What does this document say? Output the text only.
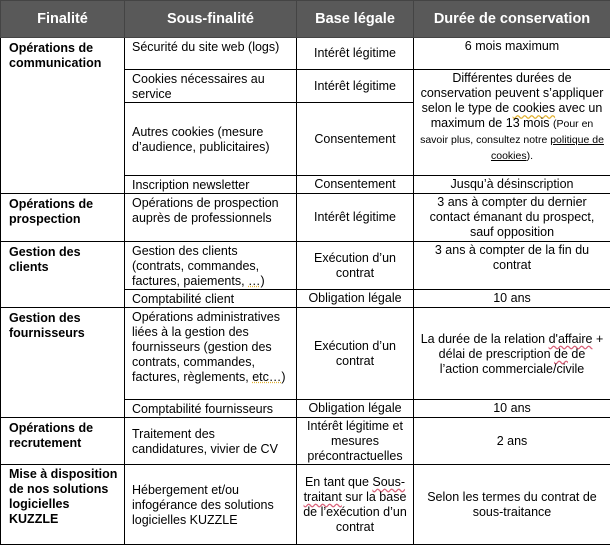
Finalité	Sous-finalité	Base légale	Durée de conservation
Opérations de communication	Sécurité du site web (logs)	Intérêt légitime	6 mois maximum
	Cookies nécessaires au service	Intérêt légitime	Différentes durées de conservation peuvent s’appliquer selon le type de cookies avec un maximum de 13 mois (Pour en savoir plus, consultez notre politique de cookies).
	Autres cookies (mesure d’audience, publicitaires)	Consentement	
	Inscription newsletter	Consentement	Jusqu’à désinscription
Opérations de prospection	Opérations de prospection auprès de professionnels	Intérêt légitime	3 ans à compter du dernier contact émanant du prospect, sauf opposition
Gestion des clients	Gestion des clients (contrats, commandes, factures, paiements, …)	Exécution d’un contrat	3 ans à compter de la fin du contrat
	Comptabilité client	Obligation légale	10 ans
Gestion des fournisseurs	Opérations administratives liées à la gestion des fournisseurs (gestion des contrats, commandes, factures, règlements, etc…)	Exécution d’un contrat	La durée de la relation d'affaire + délai de prescription de de l’action commerciale/civile
	Comptabilité fournisseurs	Obligation légale	10 ans
Opérations de recrutement	Traitement des candidatures, vivier de CV	Intérêt légitime et mesures précontractuelles	2 ans
Mise à disposition de nos solutions logicielles KUZZLE	Hébergement et/ou infogérance des solutions logicielles KUZZLE	En tant que Sous-traitant sur la base de l’exécution d’un contrat	Selon les termes du contrat de sous-traitance
